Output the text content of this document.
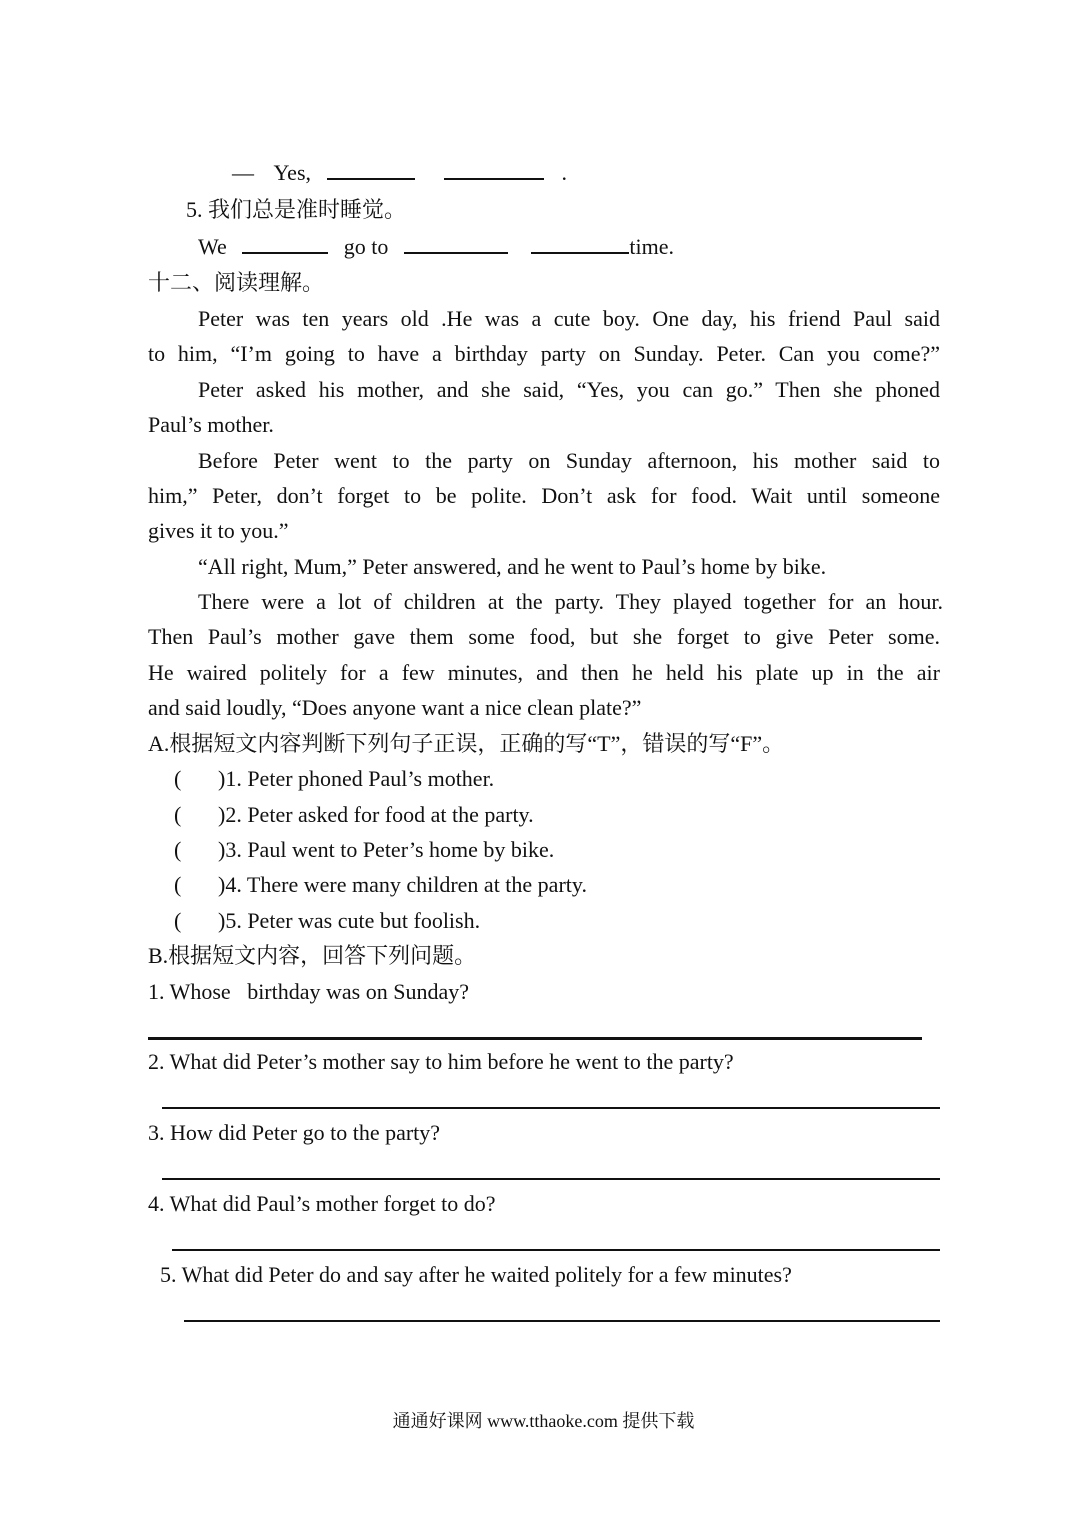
— Yes,	.
5. 我们总是准时睡觉。
We	go to	time.
十二、阅读理解。
Peter was ten years old .He was a cute boy. One day, his friend Paul said
to him, “I’m going to have a birthday party on Sunday. Peter. Can you come?”
Peter asked his mother, and she said, “Yes, you can go.” Then she phoned
Paul’s mother.
Before Peter went to the party on Sunday afternoon, his mother said to
him,” Peter, don’t forget to be polite. Don’t ask for food. Wait until someone
gives it to you.”
“All right, Mum,” Peter answered, and he went to Paul’s home by bike.
There were a lot of children at the party. They played together for an hour.
Then Paul’s mother gave them some food, but she forget to give Peter some.
He waired politely for a few minutes, and then he held his plate up in the air
and said loudly, “Does anyone want a nice clean plate?”
A.根据短文内容判断下列句子正误，正确的写“T”，错误的写“F”。
( )1. Peter phoned Paul’s mother.
( )2. Peter asked for food at the party.
( )3. Paul went to Peter’s home by bike.
( )4. There were many children at the party.
( )5. Peter was cute but foolish.
B.根据短文内容，回答下列问题。
1. Whose   birthday was on Sunday?
2. What did Peter’s mother say to him before he went to the party?
3. How did Peter go to the party?
4. What did Paul’s mother forget to do?
5. What did Peter do and say after he waited politely for a few minutes?
通通好课网 www.tthaoke.com 提供下载
